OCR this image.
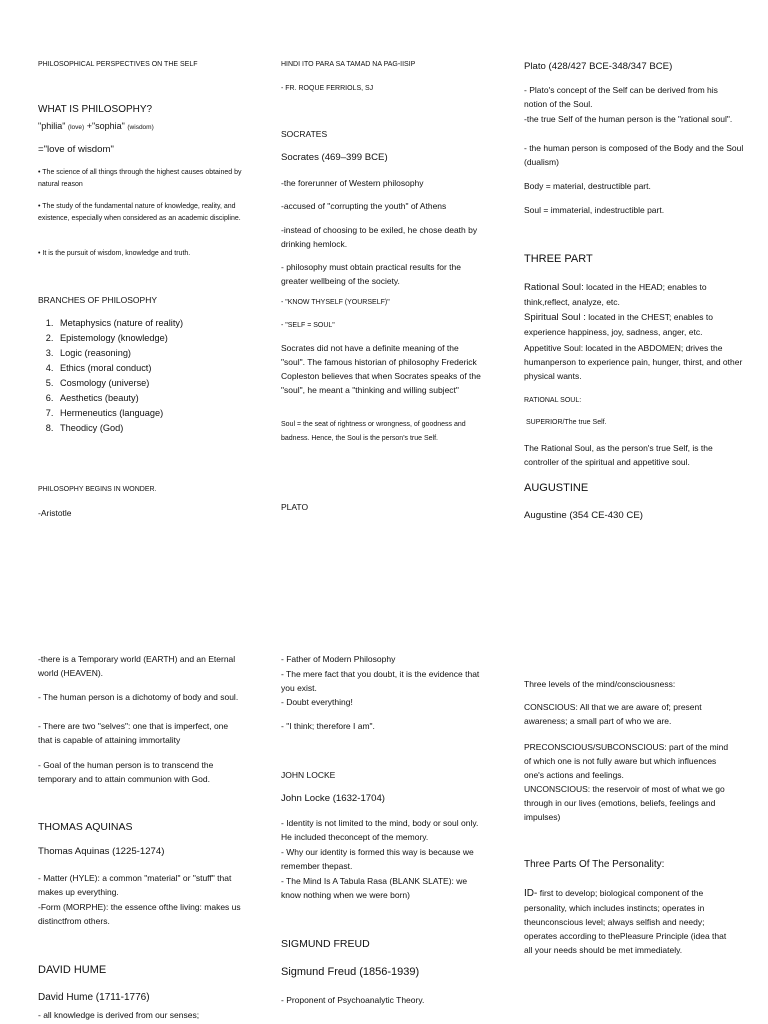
PHILOSOPHICAL PERSPECTIVES ON THE SELF

WHAT IS PHILOSOPHY?

"philia" (love) +"sophia" (wisdom)

="love of wisdom"

• The science of all things through the highest causes obtained by natural reason

• The study of the fundamental nature of knowledge, reality, and existence, especially when considered as an academic discipline.

• It is the pursuit of wisdom, knowledge and truth.

BRANCHES OF PHILOSOPHY

1. Metaphysics (nature of reality)
2. Epistemology (knowledge)
3. Logic (reasoning)
4. Ethics (moral conduct)
5. Cosmology (universe)
6. Aesthetics (beauty)
7. Hermeneutics (language)
8. Theodicy (God)

PHILOSOPHY BEGINS IN WONDER.

-Aristotle

-there is a Temporary world (EARTH) and an Eternal world (HEAVEN).

- The human person is a dichotomy of body and soul.

- There are two "selves": one that is imperfect, one that is capable of attaining immortality

- Goal of the human person is to transcend the temporary and to attain communion with God.

THOMAS AQUINAS

Thomas Aquinas (1225-1274)

- Matter (HYLE): a common "material" or "stuff" that makes up everything.

-Form (MORPHE): the essence ofthe living: makes us distinctfrom others.

DAVID HUME

David Hume (1711-1776)

- all knowledge is derived from our senses;

HINDI ITO PARA SA TAMAD NA PAG-IISIP

- FR. ROQUE FERRIOLS, SJ

SOCRATES

Socrates (469–399 BCE)

-the forerunner of Western philosophy

-accused of "corrupting the youth" of Athens

-instead of choosing to be exiled, he chose death by drinking hemlock.

- philosophy must obtain practical results for the greater wellbeing of the society.

- "KNOW THYSELF (YOURSELF)"

- "SELF = SOUL"

Socrates did not have a definite meaning of the "soul". The famous historian of philosophy Frederick Copleston believes that when Socrates speaks of the "soul", he meant a "thinking and willing subject"

Soul = the seat of rightness or wrongness, of goodness and badness. Hence, the Soul is the person's true Self.

PLATO

- Father of Modern Philosophy

- The mere fact that you doubt, it is the evidence that you exist.

- Doubt everything!

- "I think; therefore I am".

JOHN LOCKE

John Locke (1632-1704)

- Identity is not limited to the mind, body or soul only. He included theconcept of the memory.

- Why our identity is formed this way is because we remember thepast.

- The Mind Is A Tabula Rasa (BLANK SLATE): we know nothing when we were born)

SIGMUND FREUD

Sigmund Freud (1856-1939)

- Proponent of Psychoanalytic Theory.

Plato (428/427 BCE-348/347 BCE)

- Plato's concept of the Self can be derived from his notion of the Soul.

-the true Self of the human person is the "rational soul".

- the human person is composed of the Body and the Soul (dualism)

Body = material, destructible part.

Soul = immaterial, indestructible part.

THREE PART

Rational Soul: located in the HEAD; enables to think,reflect, analyze, etc.

Spiritual Soul : located in the CHEST; enables to experience happiness, joy, sadness, anger, etc.

Appetitive Soul: located in the ABDOMEN; drives the humanperson to experience pain, hunger, thirst, and other physical wants.

RATIONAL SOUL:

SUPERIOR/The true Self.

The Rational Soul, as the person's true Self, is the controller of the spiritual and appetitive soul.

AUGUSTINE

Augustine (354 CE-430 CE)

Three levels of the mind/consciousness:

CONSCIOUS: All that we are aware of; present awareness; a small part of who we are.

PRECONSCIOUS/SUBCONSCIOUS: part of the mind of which one is not fully aware but which influences one's actions and feelings.

UNCONSCIOUS: the reservoir of most of what we go through in our lives (emotions, beliefs, feelings and impulses)

Three Parts Of The Personality:

ID- first to develop; biological component of the personality, which includes instincts; operates in theunconscious level; always selfish and needy; operates according to thePleasure Principle (idea that all your needs should be met immediately.
